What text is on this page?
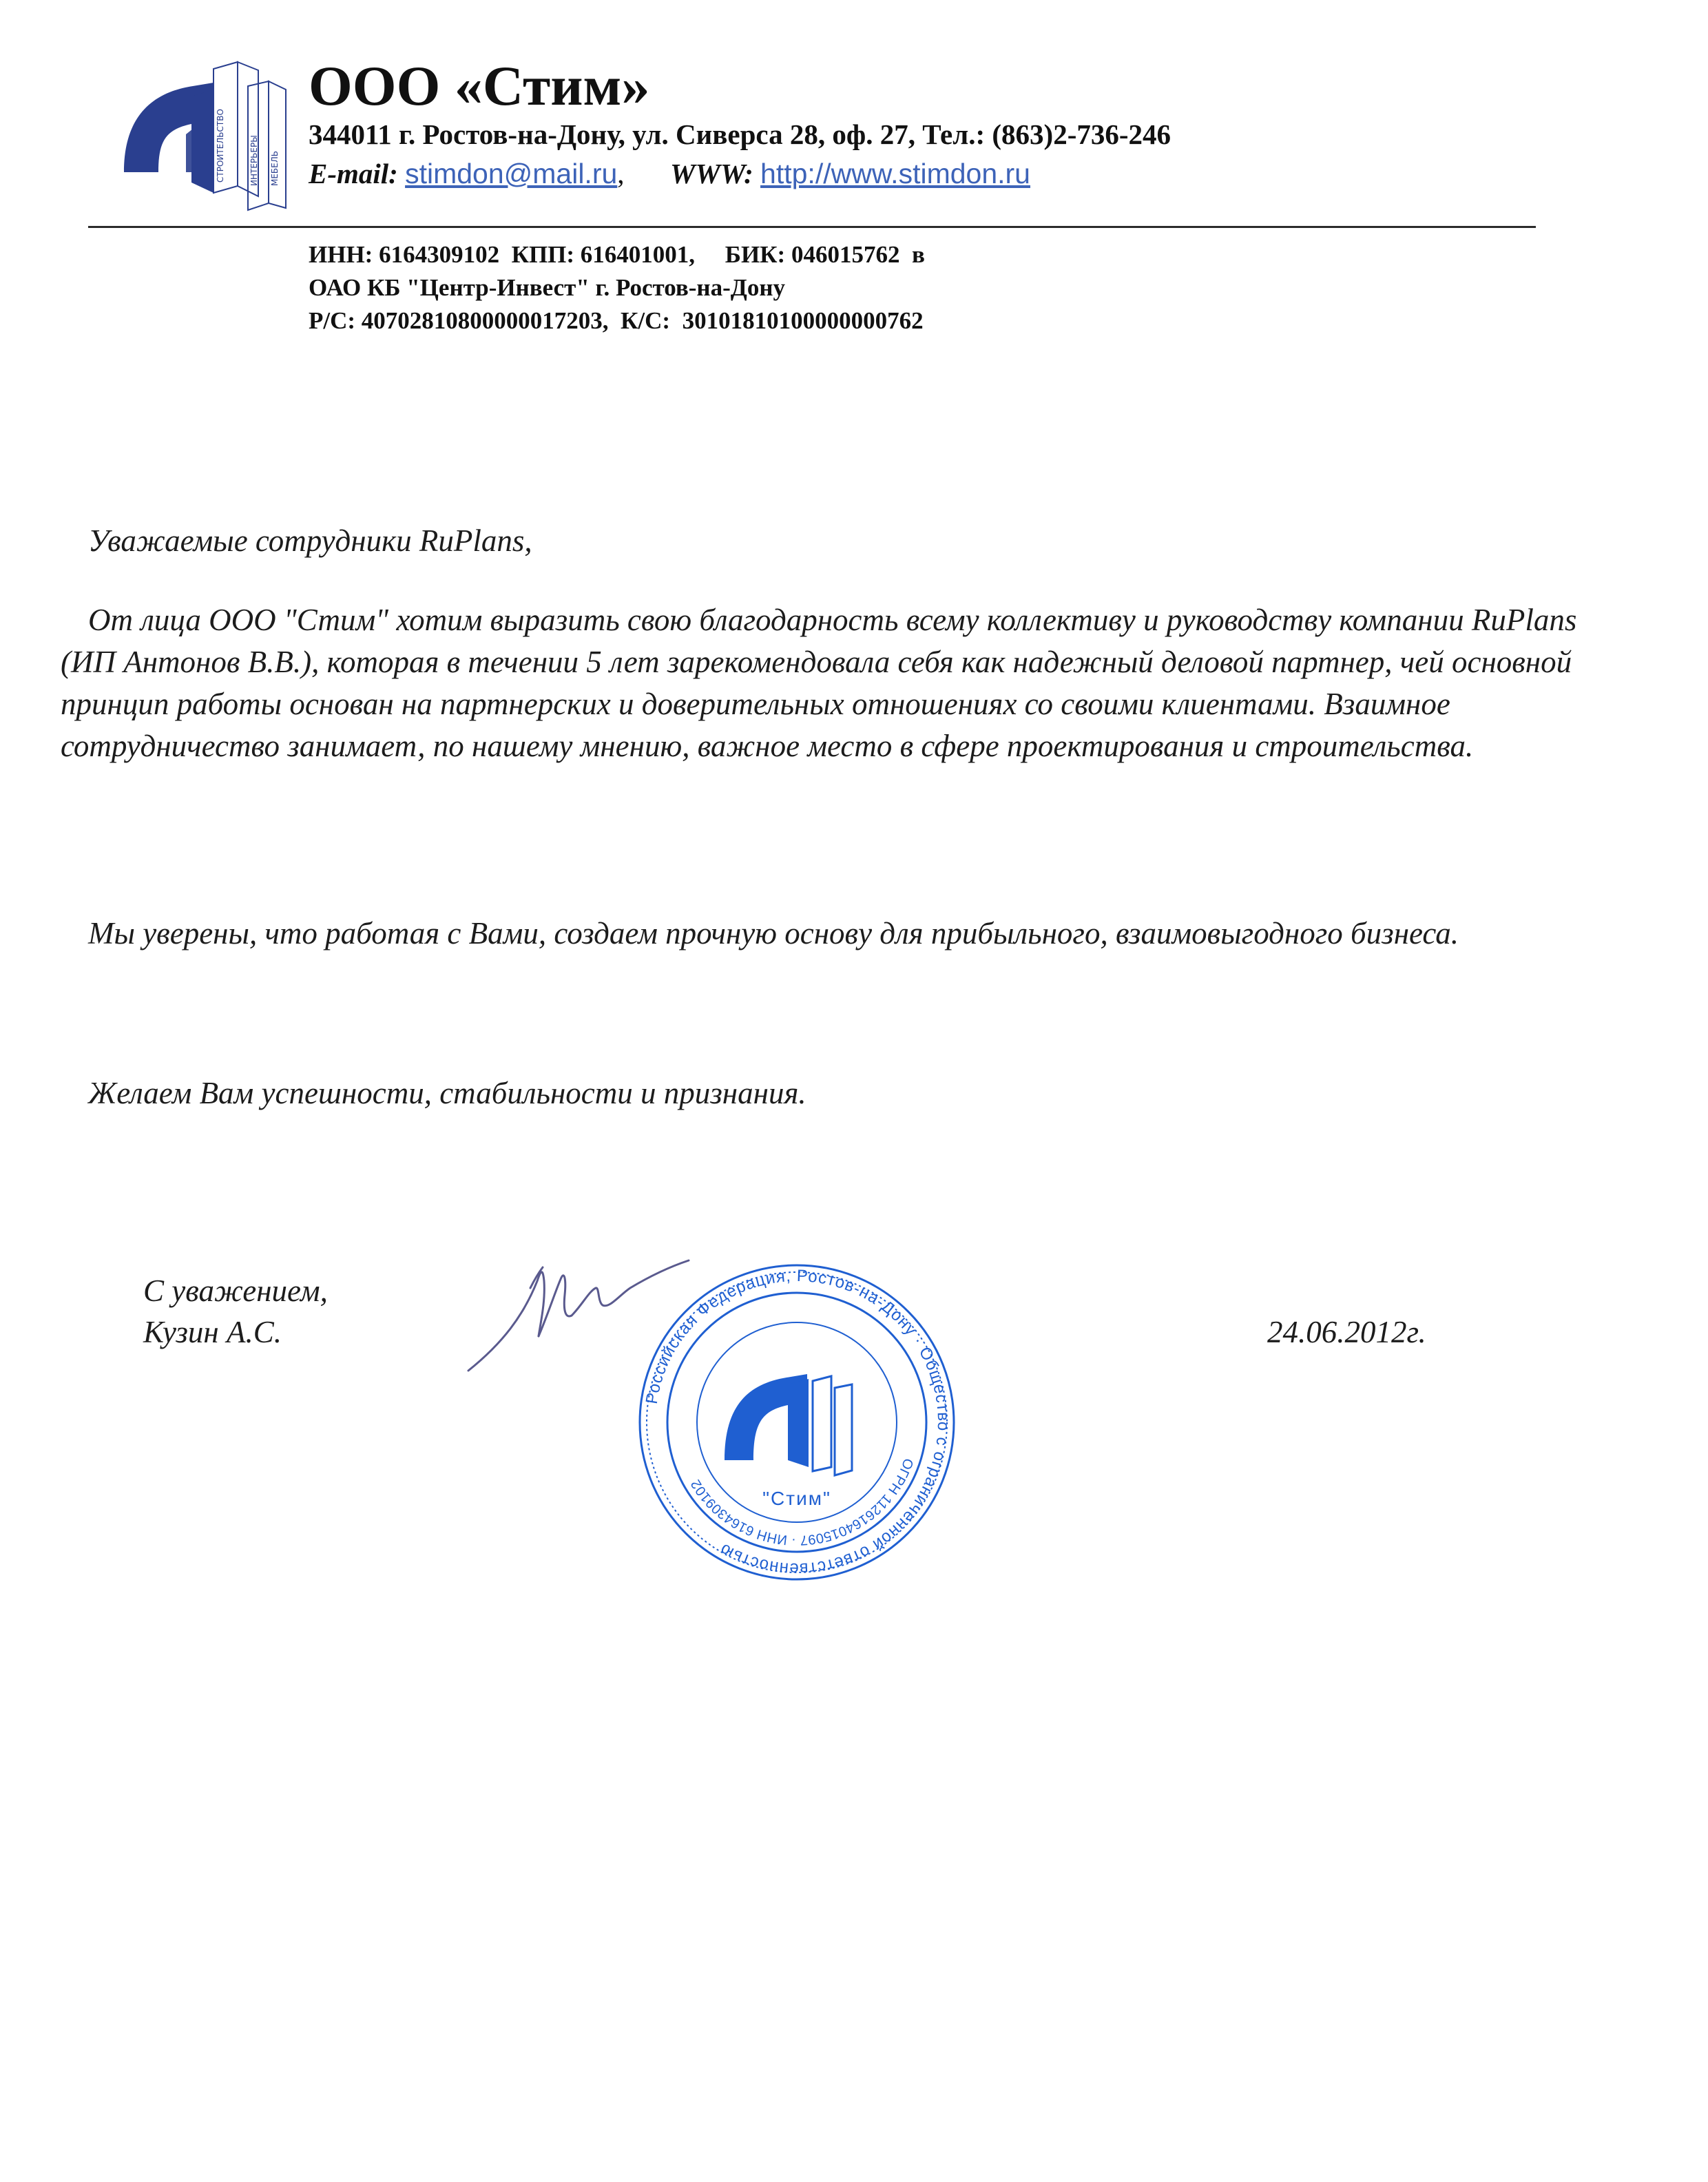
СТРОИТЕЛЬСТВО	ИНТЕРЬЕРЫ МЕБЕЛЬ
ООО «Стим»
344011 г. Ростов-на-Дону, ул. Сиверса 28, оф. 27, Тел.: (863)2-736-246
E-mail: stimdon@mail.ru, WWW: http://www.stimdon.ru
ИНН: 6164309102  КПП: 616401001,     БИК: 046015762  в
ОАО КБ "Центр-Инвест" г. Ростов-на-Дону
Р/С: 40702810800000017203,  К/С:  30101810100000000762
Уважаемые сотрудники RuPlans,
От лица ООО "Стим" хотим выразить свою благодарность всему коллективу и руководству компании RuPlans (ИП Антонов В.В.), которая в течении 5 лет зарекомендовала себя как надежный деловой партнер, чей основной принцип работы основан на партнерских и доверительных отношениях со своими клиентами. Взаимное сотрудничество занимает, по нашему мнению, важное место в сфере проектирования и строительства.
Мы уверены, что работая с Вами, создаем прочную основу для прибыльного, взаимовыгодного бизнеса.
Желаем Вам успешности, стабильности и признания.
С уважением,
Кузин А.С.	24.06.2012г.
Российская Федерация, Ростов-на-Дону · Общество с ограниченной ответственностью
ОГРН 1126164015097 · ИНН 6164309102
"Стим"
